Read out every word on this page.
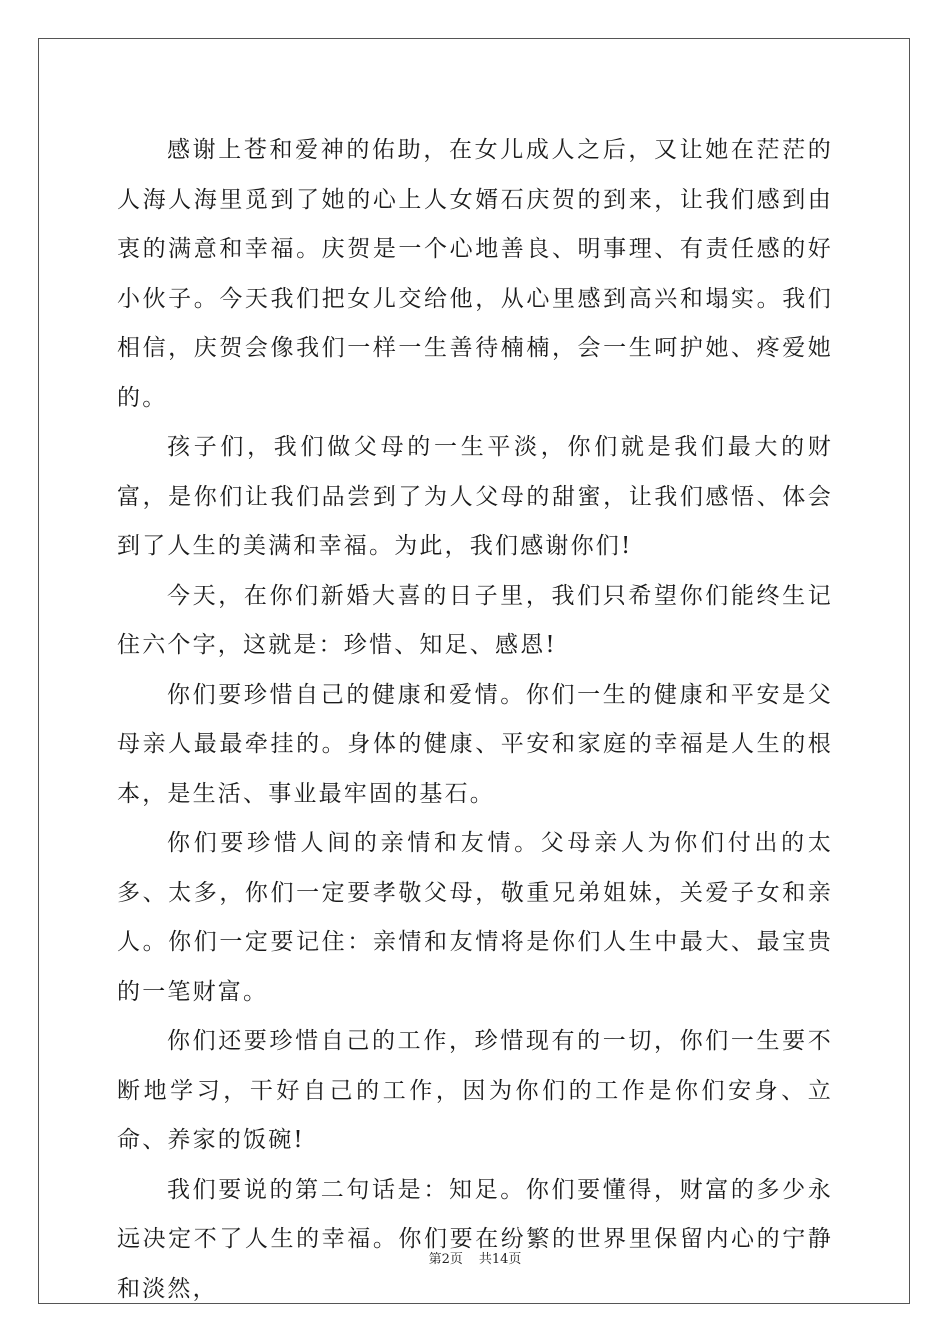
感谢上苍和爱神的佑助，在女儿成人之后，又让她在茫茫的人海人海里觅到了她的心上人女婿石庆贺的到来，让我们感到由衷的满意和幸福。庆贺是一个心地善良、明事理、有责任感的好小伙子。今天我们把女儿交给他，从心里感到高兴和塌实。我们相信，庆贺会像我们一样一生善待楠楠，会一生呵护她、疼爱她的。

孩子们，我们做父母的一生平淡，你们就是我们最大的财富，是你们让我们品尝到了为人父母的甜蜜，让我们感悟、体会到了人生的美满和幸福。为此，我们感谢你们!

今天，在你们新婚大喜的日子里，我们只希望你们能终生记住六个字，这就是：珍惜、知足、感恩!

你们要珍惜自己的健康和爱情。你们一生的健康和平安是父母亲人最最牵挂的。身体的健康、平安和家庭的幸福是人生的根本，是生活、事业最牢固的基石。

你们要珍惜人间的亲情和友情。父母亲人为你们付出的太多、太多，你们一定要孝敬父母，敬重兄弟姐妹，关爱子女和亲人。你们一定要记住：亲情和友情将是你们人生中最大、最宝贵的一笔财富。

你们还要珍惜自己的工作，珍惜现有的一切，你们一生要不断地学习，干好自己的工作，因为你们的工作是你们安身、立命、养家的饭碗!

我们要说的第二句话是：知足。你们要懂得，财富的多少永远决定不了人生的幸福。你们要在纷繁的世界里保留内心的宁静和淡然，

第2页 共14页
